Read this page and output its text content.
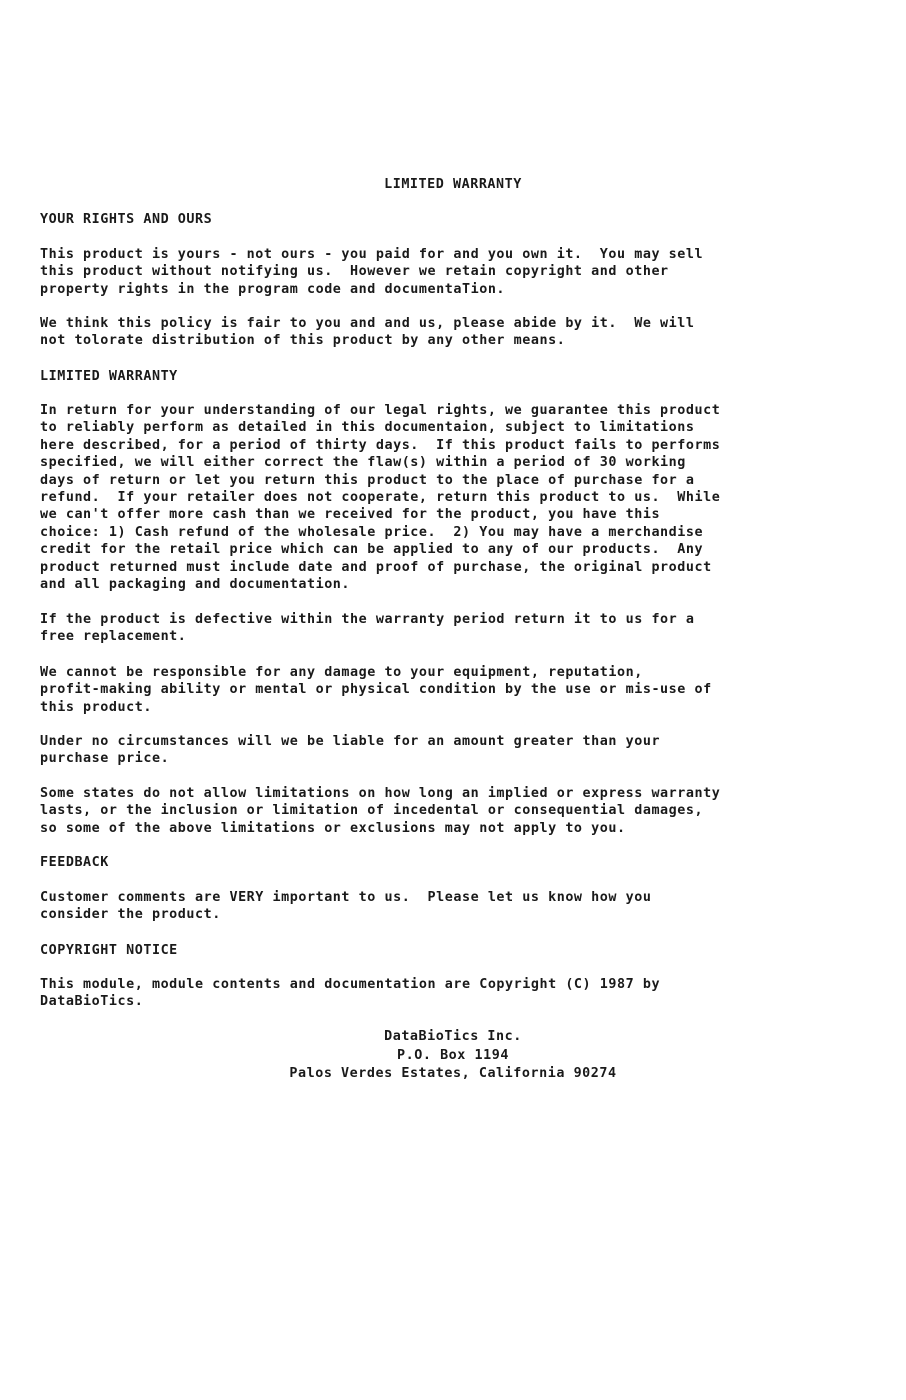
LIMITED WARRANTY
YOUR RIGHTS AND OURS

This product is yours - not ours - you paid for and you own it.  You may sell
this product without notifying us.  However we retain copyright and other
property rights in the program code and documentaTion.

We think this policy is fair to you and and us, please abide by it.  We will
not tolorate distribution of this product by any other means.

LIMITED WARRANTY

In return for your understanding of our legal rights, we guarantee this product
to reliably perform as detailed in this documentaion, subject to limitations
here described, for a period of thirty days.  If this product fails to performs
specified, we will either correct the flaw(s) within a period of 30 working
days of return or let you return this product to the place of purchase for a
refund.  If your retailer does not cooperate, return this product to us.  While
we can't offer more cash than we received for the product, you have this
choice: 1) Cash refund of the wholesale price.  2) You may have a merchandise
credit for the retail price which can be applied to any of our products.  Any
product returned must include date and proof of purchase, the original product
and all packaging and documentation.

If the product is defective within the warranty period return it to us for a
free replacement.

We cannot be responsible for any damage to your equipment, reputation,
profit-making ability or mental or physical condition by the use or mis-use of
this product.

Under no circumstances will we be liable for an amount greater than your
purchase price.

Some states do not allow limitations on how long an implied or express warranty
lasts, or the inclusion or limitation of incedental or consequential damages,
so some of the above limitations or exclusions may not apply to you.

FEEDBACK

Customer comments are VERY important to us.  Please let us know how you
consider the product.

COPYRIGHT NOTICE

This module, module contents and documentation are Copyright (C) 1987 by
DataBioTics.

DataBioTics Inc.
P.O. Box 1194
Palos Verdes Estates, California 90274
